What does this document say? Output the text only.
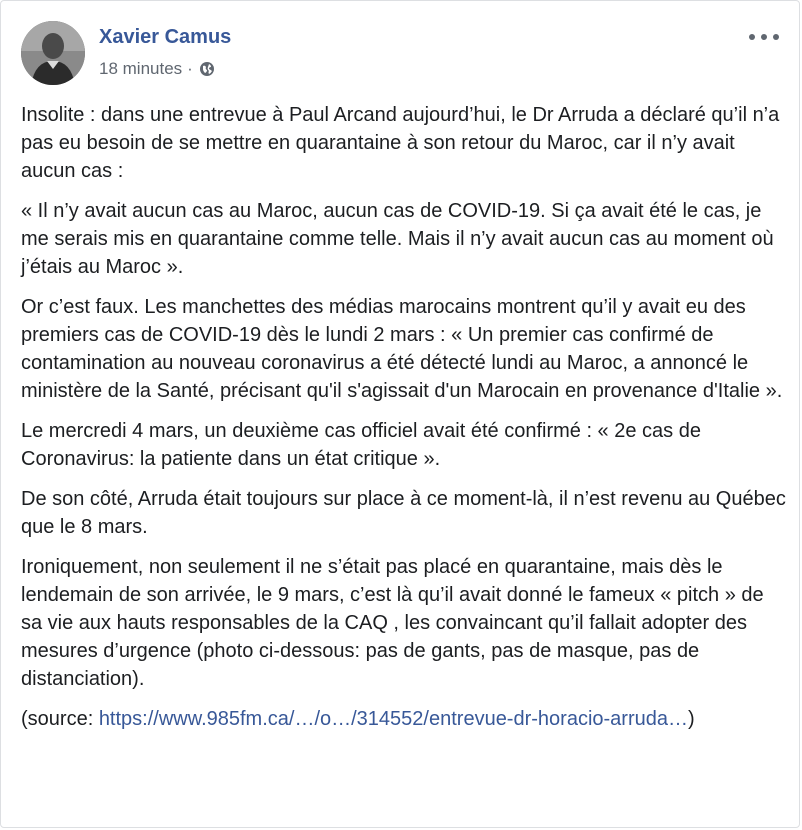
Xavier Camus
18 minutes ·

Insolite : dans une entrevue à Paul Arcand aujourd’hui, le Dr Arruda a déclaré qu’il n’a pas eu besoin de se mettre en quarantaine à son retour du Maroc, car il n’y avait aucun cas :

« Il n’y avait aucun cas au Maroc, aucun cas de COVID-19. Si ça avait été le cas, je me serais mis en quarantaine comme telle. Mais il n’y avait aucun cas au moment où j’étais au Maroc ».

Or c’est faux. Les manchettes des médias marocains montrent qu’il y avait eu des premiers cas de COVID-19 dès le lundi 2 mars : « Un premier cas confirmé de contamination au nouveau coronavirus a été détecté lundi au Maroc, a annoncé le ministère de la Santé, précisant qu'il s'agissait d'un Marocain en provenance d'Italie ».

Le mercredi 4 mars, un deuxième cas officiel avait été confirmé : « 2e cas de Coronavirus: la patiente dans un état critique ».

De son côté, Arruda était toujours sur place à ce moment-là, il n’est revenu au Québec que le 8 mars.

Ironiquement, non seulement il ne s’était pas placé en quarantaine, mais dès le lendemain de son arrivée, le 9 mars, c’est là qu’il avait donné le fameux « pitch » de sa vie aux hauts responsables de la CAQ , les convaincant qu’il fallait adopter des mesures d’urgence (photo ci-dessous: pas de gants, pas de masque, pas de distanciation).

(source: https://www.985fm.ca/…/o…/314552/entrevue-dr-horacio-arruda…)
